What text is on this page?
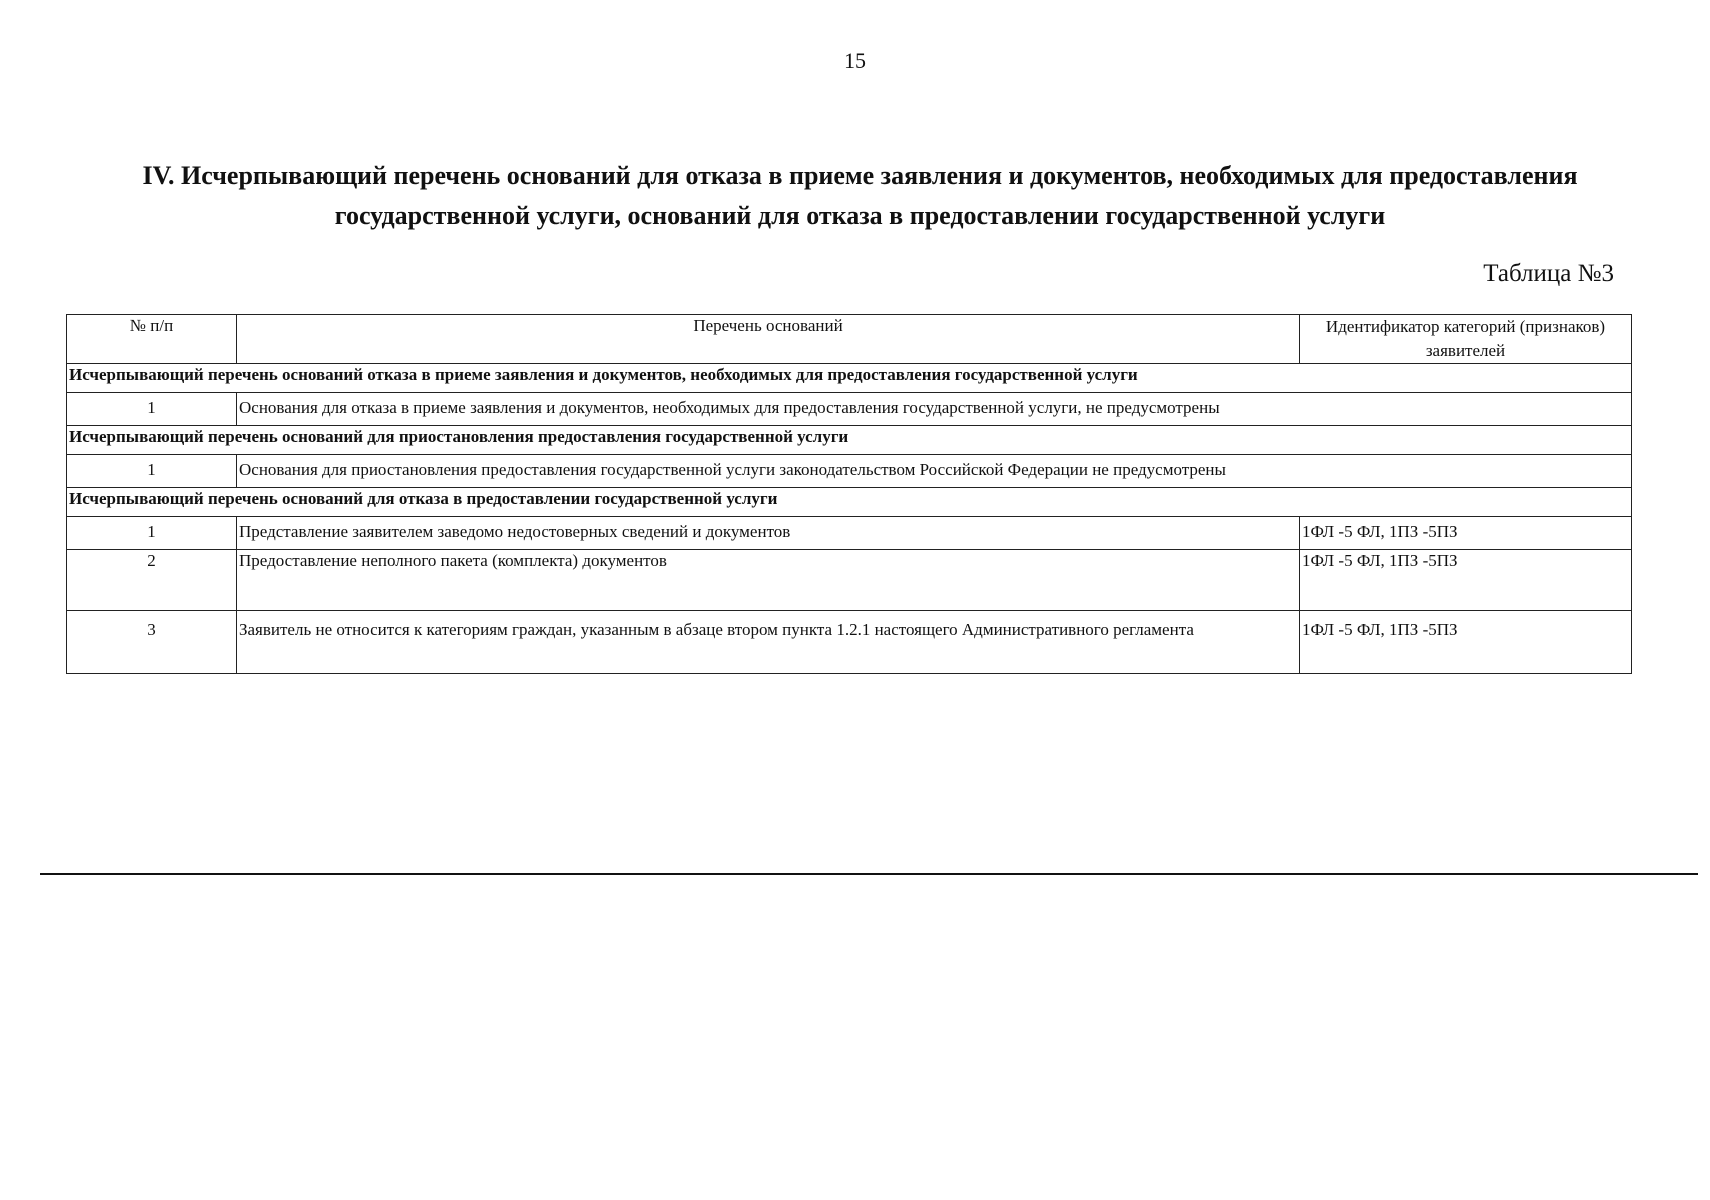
15
IV. Исчерпывающий перечень оснований для отказа в приеме заявления и документов, необходимых для предоставления
государственной услуги, оснований для отказа в предоставлении государственной услуги
Таблица №3
№ п/п	Перечень оснований	Идентификатор категорий (признаков) заявителей
Исчерпывающий перечень оснований отказа в приеме заявления и документов, необходимых для предоставления государственной услуги		
1	Основания для отказа в приеме заявления и документов, необходимых для предоставления государственной услуги, не предусмотрены	
Исчерпывающий перечень оснований для приостановления предоставления государственной услуги		
1	Основания для приостановления предоставления государственной услуги законодательством Российской Федерации не предусмотрены	
Исчерпывающий перечень оснований для отказа в предоставлении государственной услуги		
1	Представление заявителем заведомо недостоверных сведений и документов	1ФЛ -5 ФЛ, 1ПЗ -5ПЗ
2	Предоставление неполного пакета (комплекта) документов	1ФЛ -5 ФЛ, 1ПЗ -5ПЗ
3	Заявитель не относится к категориям граждан, указанным в абзаце втором пункта 1.2.1 настоящего Административного регламента	1ФЛ -5 ФЛ, 1ПЗ -5ПЗ
